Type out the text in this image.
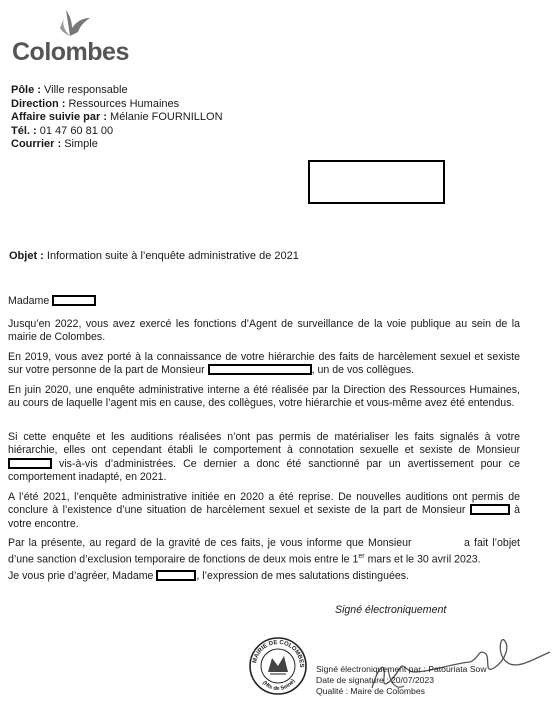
Colombes
Pôle : Ville responsable
Direction : Ressources Humaines
Affaire suivie par : Mélanie FOURNILLON
Tél. : 01 47 60 81 00
Courrier : Simple
Objet : Information suite à l’enquête administrative de 2021
Madame
Jusqu’en 2022, vous avez exercé les fonctions d’Agent de surveillance de la voie publique au sein de la mairie de Colombes.
En 2019, vous avez porté à la connaissance de votre hiérarchie des faits de harcèlement sexuel et sexiste sur votre personne de la part de Monsieur	, un de vos collègues.
En juin 2020, une enquête administrative interne a été réalisée par la Direction des Ressources Humaines, au cours de laquelle l’agent mis en cause, des collègues, votre hiérarchie et vous-même avez été entendus.
Si cette enquête et les auditions réalisées n’ont pas permis de matérialiser les faits signalés à votre hiérarchie, elles ont cependant établi le comportement à connotation sexuelle et sexiste de Monsieur  vis-à-vis d’administrées. Ce dernier a donc été sanctionné par un avertissement pour ce comportement inadapté, en 2021.
A l’été 2021, l’enquête administrative initiée en 2020 a été reprise. De nouvelles auditions ont permis de conclure à l’existence d’une situation de harcèlement sexuel et sexiste de la part de Monsieur	à votre encontre.
Par la présente, au regard de la gravité de ces faits, je vous informe que Monsieur	a fait l’objet d’une sanction d’exclusion temporaire de fonctions de deux mois entre le 1er mars et le 30 avril 2023.
Je vous prie d’agréer, Madame	, l’expression de mes salutations distinguées.
Signé électroniquement
MAIRIE DE COLOMBES
(Hts de Seine)
Signé électroniquement par : Patouriata Sow
Date de signature : 20/07/2023
Qualité : Maire de Colombes
